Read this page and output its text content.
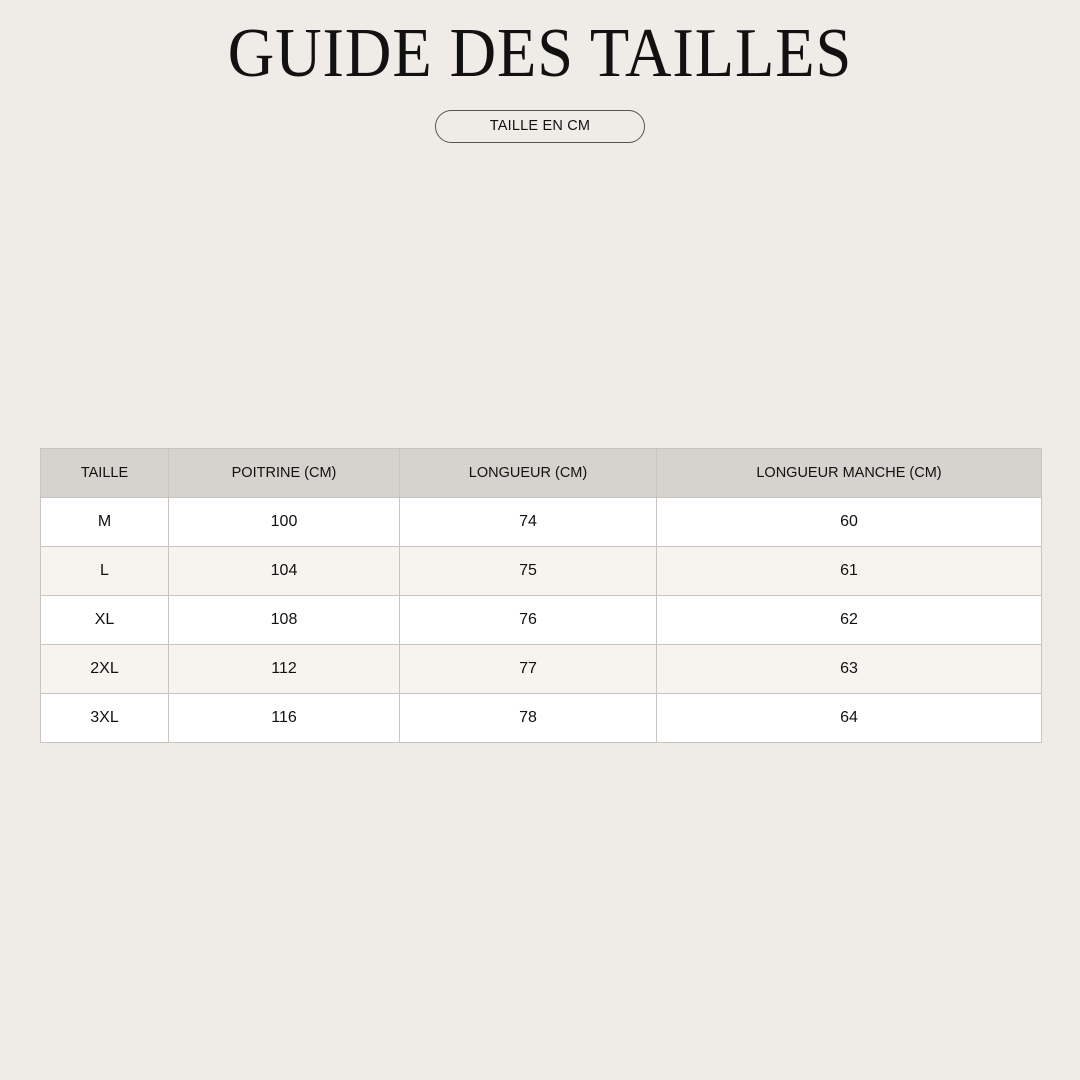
GUIDE DES TAILLES
TAILLE EN CM
TAILLE	POITRINE (CM)	LONGUEUR (CM)	LONGUEUR MANCHE (CM)
M	100	74	60
L	104	75	61
XL	108	76	62
2XL	112	77	63
3XL	116	78	64
